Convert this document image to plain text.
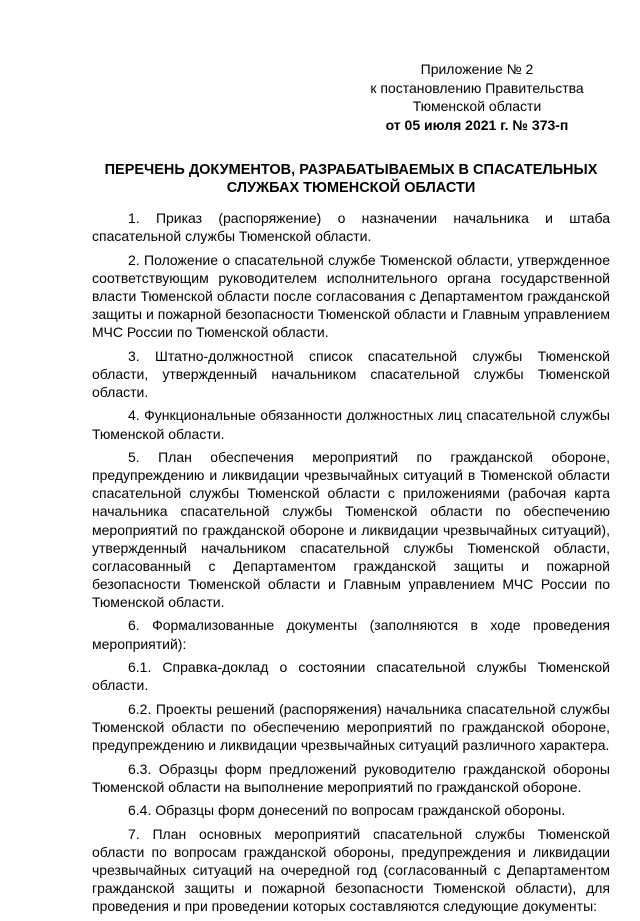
Приложение № 2
к постановлению Правительства
Тюменской области
от 05 июля 2021 г. № 373-п
ПЕРЕЧЕНЬ ДОКУМЕНТОВ, РАЗРАБАТЫВАЕМЫХ В СПАСАТЕЛЬНЫХ
СЛУЖБАХ ТЮМЕНСКОЙ ОБЛАСТИ

1. Приказ (распоряжение) о назначении начальника и штаба спасательной службы Тюменской области.

2. Положение о спасательной службе Тюменской области, утвержденное соответствующим руководителем исполнительного органа государственной власти Тюменской области после согласования с Департаментом гражданской защиты и пожарной безопасности Тюменской области и Главным управлением МЧС России по Тюменской области.

3. Штатно-должностной список спасательной службы Тюменской области, утвержденный начальником спасательной службы Тюменской области.

4. Функциональные обязанности должностных лиц спасательной службы Тюменской области.

5. План обеспечения мероприятий по гражданской обороне, предупреждению и ликвидации чрезвычайных ситуаций в Тюменской области спасательной службы Тюменской области с приложениями (рабочая карта начальника спасательной службы Тюменской области по обеспечению мероприятий по гражданской обороне и ликвидации чрезвычайных ситуаций), утвержденный начальником спасательной службы Тюменской области, согласованный с Департаментом гражданской защиты и пожарной безопасности Тюменской области и Главным управлением МЧС России по Тюменской области.

6. Формализованные документы (заполняются в ходе проведения мероприятий):

6.1. Справка-доклад о состоянии спасательной службы Тюменской области.

6.2. Проекты решений (распоряжения) начальника спасательной службы Тюменской области по обеспечению мероприятий по гражданской обороне, предупреждению и ликвидации чрезвычайных ситуаций различного характера.

6.3. Образцы форм предложений руководителю гражданской обороны Тюменской области на выполнение мероприятий по гражданской обороне.

6.4. Образцы форм донесений по вопросам гражданской обороны.

7. План основных мероприятий спасательной службы Тюменской области по вопросам гражданской обороны, предупреждения и ликвидации чрезвычайных ситуаций на очередной год (согласованный с Департаментом гражданской защиты и пожарной безопасности Тюменской области), для проведения и при проведении которых составляются следующие документы:
